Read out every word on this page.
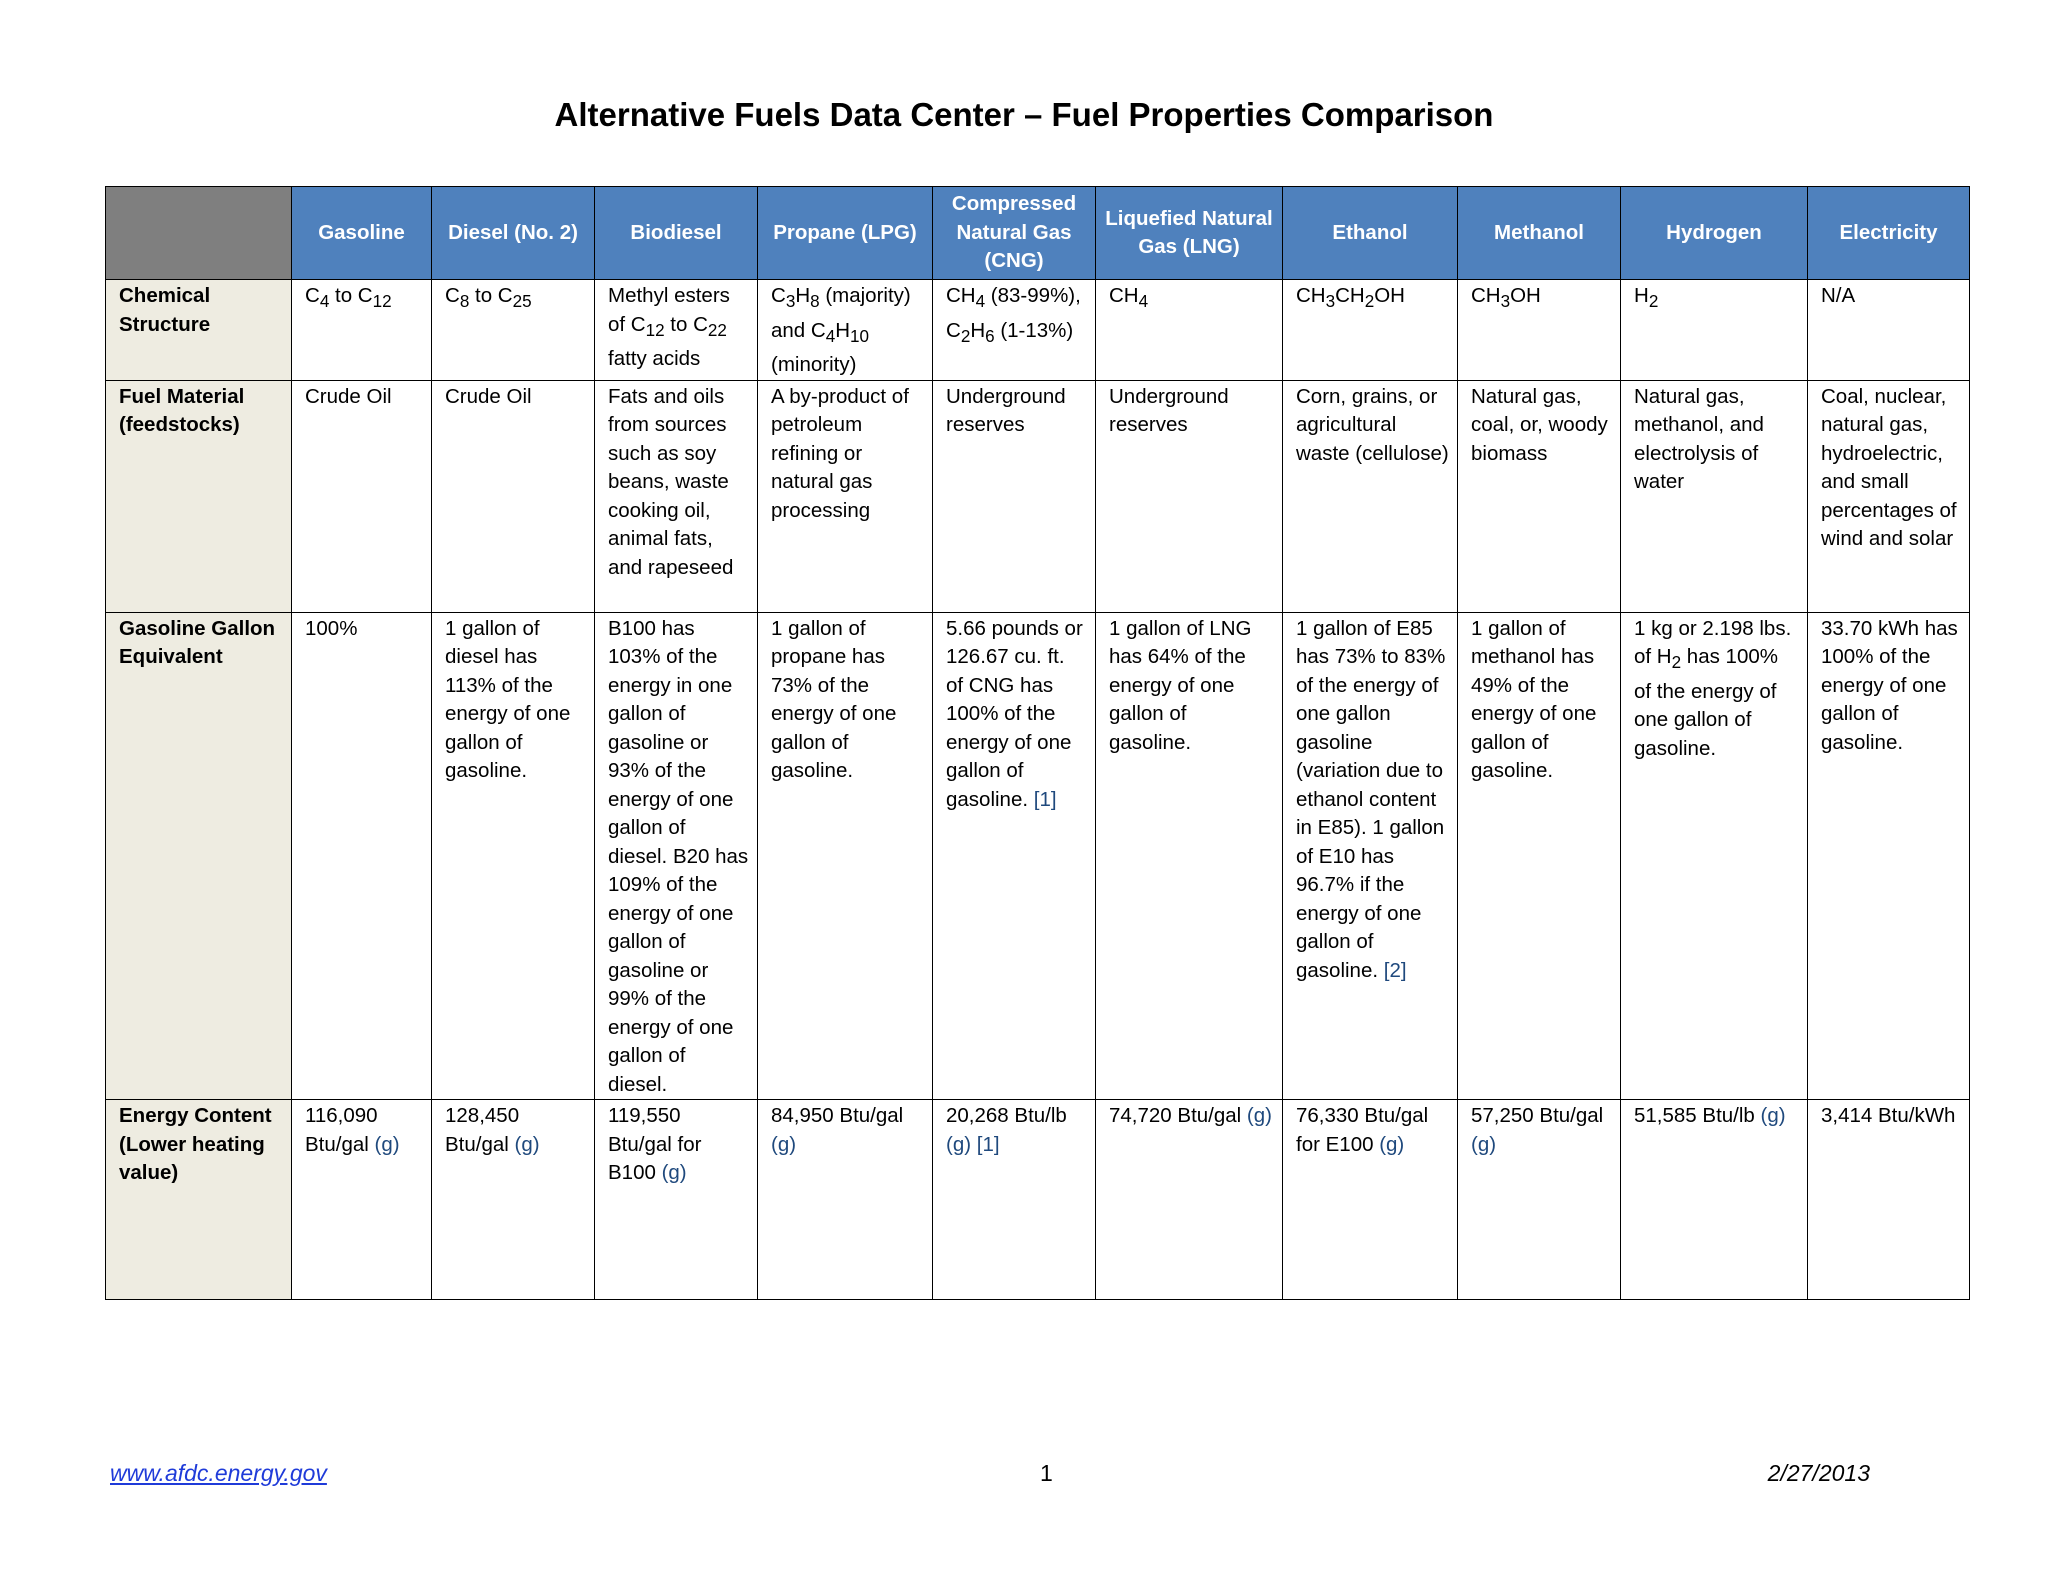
Alternative Fuels Data Center – Fuel Properties Comparison
	Gasoline	Diesel (No. 2)	Biodiesel	Propane (LPG)	Compressed Natural Gas (CNG)	Liquefied Natural Gas (LNG)	Ethanol	Methanol	Hydrogen	Electricity
Chemical Structure	$C_4$ to $C_{12}$	$C_8$ to $C_{25}$	Methyl esters of $C_{12}$ to $C_{22}$ fatty acids	$C_3H_8$ (majority) and $C_4H_{10}$ (minority)	$CH_4$ (83-99%), $C_2H_6$ (1-13%)	$CH_4$	$CH_3CH_2OH$	$CH_3OH$	$H_2$	N/A
Fuel Material (feedstocks)	Crude Oil	Crude Oil	Fats and oils from sources such as soy beans, waste cooking oil, animal fats, and rapeseed	A by-product of petroleum refining or natural gas processing	Underground reserves	Underground reserves	Corn, grains, or agricultural waste (cellulose)	Natural gas, coal, or, woody biomass	Natural gas, methanol, and electrolysis of water	Coal, nuclear, natural gas, hydroelectric, and small percentages of wind and solar
Gasoline Gallon Equivalent	100%	1 gallon of diesel has 113% of the energy of one gallon of gasoline.	B100 has 103% of the energy in one gallon of gasoline or 93% of the energy of one gallon of diesel. B20 has 109% of the energy of one gallon of gasoline or 99% of the energy of one gallon of diesel.	1 gallon of propane has 73% of the energy of one gallon of gasoline.	5.66 pounds or 126.67 cu. ft. of CNG has 100% of the energy of one gallon of gasoline. [1]	1 gallon of LNG has 64% of the energy of one gallon of gasoline.	1 gallon of E85 has 73% to 83% of the energy of one gallon gasoline (variation due to ethanol content in E85). 1 gallon of E10 has 96.7% if the energy of one gallon of gasoline. [2]	1 gallon of methanol has 49% of the energy of one gallon of gasoline.	1 kg or 2.198 lbs. of $H_2$ has 100% of the energy of one gallon of gasoline.	33.70 kWh has 100% of the energy of one gallon of gasoline.
Energy Content (Lower heating value)	116,090 Btu/gal (g)	128,450 Btu/gal (g)	119,550 Btu/gal for B100 (g)	84,950 Btu/gal (g)	20,268 Btu/lb (g) [1]	74,720 Btu/gal (g)	76,330 Btu/gal for E100 (g)	57,250 Btu/gal (g)	51,585 Btu/lb (g)	3,414 Btu/kWh
www.afdc.energy.gov	1	2/27/2013
